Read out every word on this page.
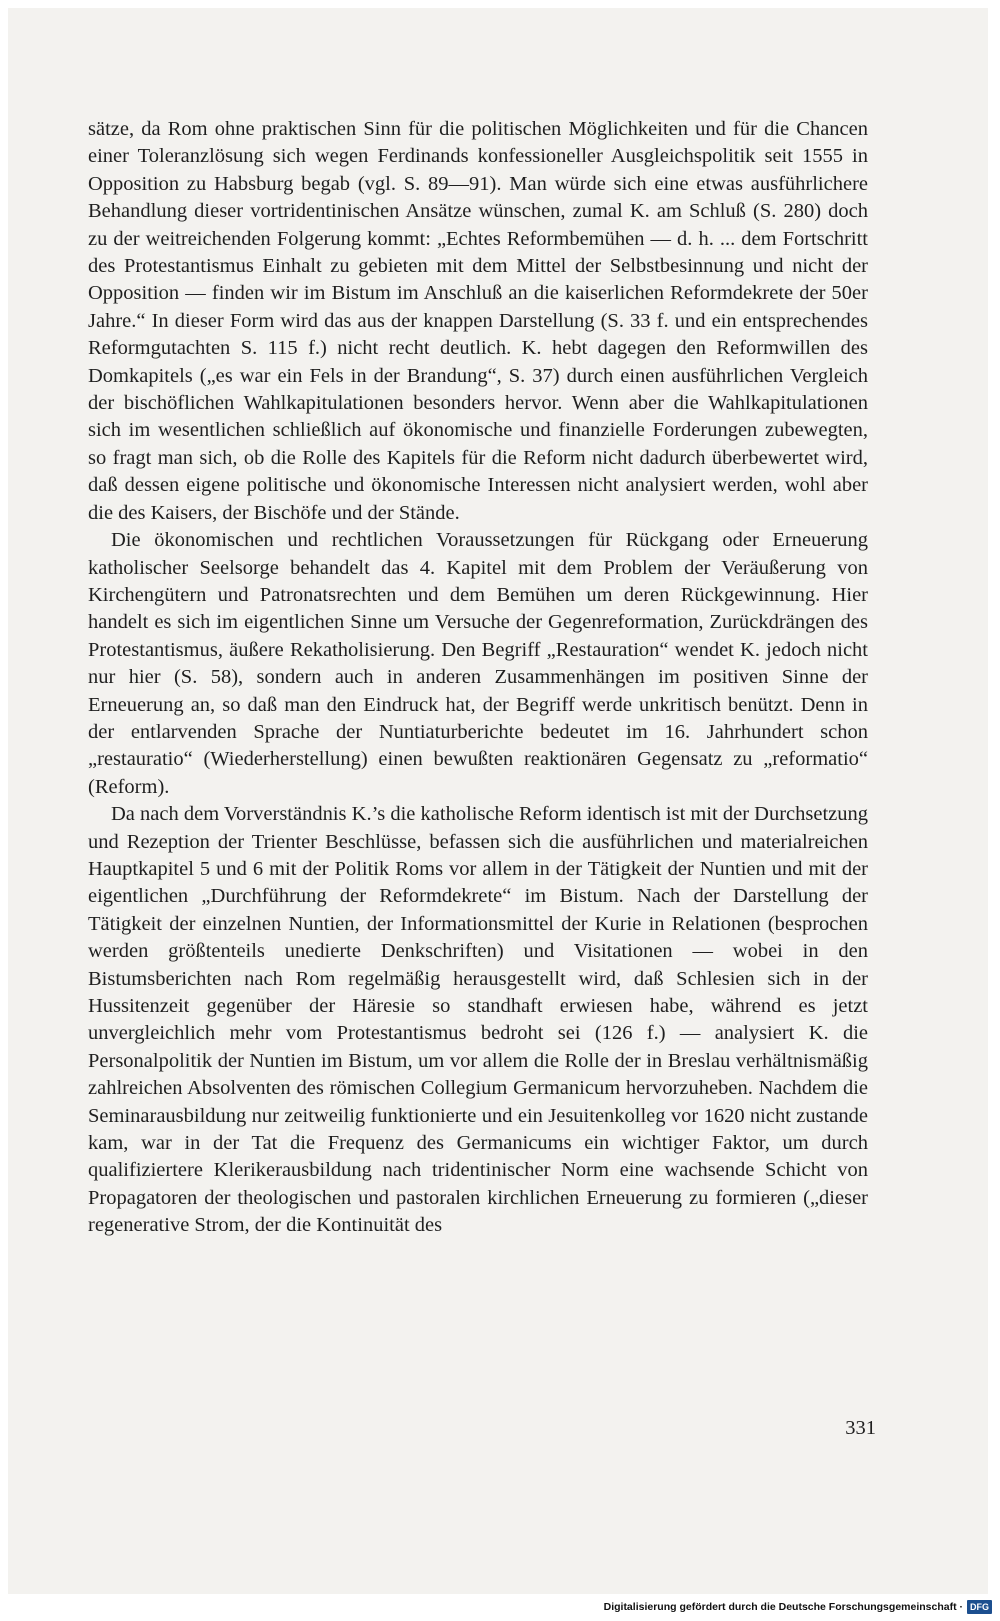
sätze, da Rom ohne praktischen Sinn für die politischen Möglichkeiten und für die Chancen einer Toleranzlösung sich wegen Ferdinands konfessioneller Ausgleichspolitik seit 1555 in Opposition zu Habsburg begab (vgl. S. 89—91). Man würde sich eine etwas ausführlichere Behandlung dieser vortridentinischen Ansätze wünschen, zumal K. am Schluß (S. 280) doch zu der weitreichenden Folgerung kommt: „Echtes Reformbemühen — d. h. ... dem Fortschritt des Protestantismus Einhalt zu gebieten mit dem Mittel der Selbstbesinnung und nicht der Opposition — finden wir im Bistum im Anschluß an die kaiserlichen Reformdekrete der 50er Jahre.“ In dieser Form wird das aus der knappen Darstellung (S. 33 f. und ein entsprechendes Reformgutachten S. 115 f.) nicht recht deutlich. K. hebt dagegen den Reformwillen des Domkapitels („es war ein Fels in der Brandung“, S. 37) durch einen ausführlichen Vergleich der bischöflichen Wahlkapitulationen besonders hervor. Wenn aber die Wahlkapitulationen sich im wesentlichen schließlich auf ökonomische und finanzielle Forderungen zubewegten, so fragt man sich, ob die Rolle des Kapitels für die Reform nicht dadurch überbewertet wird, daß dessen eigene politische und ökonomische Interessen nicht analysiert werden, wohl aber die des Kaisers, der Bischöfe und der Stände.

Die ökonomischen und rechtlichen Voraussetzungen für Rückgang oder Erneuerung katholischer Seelsorge behandelt das 4. Kapitel mit dem Problem der Veräußerung von Kirchengütern und Patronatsrechten und dem Bemühen um deren Rückgewinnung. Hier handelt es sich im eigentlichen Sinne um Versuche der Gegenreformation, Zurückdrängen des Protestantismus, äußere Rekatholisierung. Den Begriff „Restauration“ wendet K. jedoch nicht nur hier (S. 58), sondern auch in anderen Zusammenhängen im positiven Sinne der Erneuerung an, so daß man den Eindruck hat, der Begriff werde unkritisch benützt. Denn in der entlarvenden Sprache der Nuntiaturberichte bedeutet im 16. Jahrhundert schon „restauratio“ (Wiederherstellung) einen bewußten reaktionären Gegensatz zu „reformatio“ (Reform).

Da nach dem Vorverständnis K.’s die katholische Reform identisch ist mit der Durchsetzung und Rezeption der Trienter Beschlüsse, befassen sich die ausführlichen und materialreichen Hauptkapitel 5 und 6 mit der Politik Roms vor allem in der Tätigkeit der Nuntien und mit der eigentlichen „Durchführung der Reformdekrete“ im Bistum. Nach der Darstellung der Tätigkeit der einzelnen Nuntien, der Informationsmittel der Kurie in Relationen (besprochen werden größtenteils unedierte Denkschriften) und Visitationen — wobei in den Bistumsberichten nach Rom regelmäßig herausgestellt wird, daß Schlesien sich in der Hussitenzeit gegenüber der Häresie so standhaft erwiesen habe, während es jetzt unvergleichlich mehr vom Protestantismus bedroht sei (126 f.) — analysiert K. die Personalpolitik der Nuntien im Bistum, um vor allem die Rolle der in Breslau verhältnismäßig zahlreichen Absolventen des römischen Collegium Germanicum hervorzuheben. Nachdem die Seminarausbildung nur zeitweilig funktionierte und ein Jesuitenkolleg vor 1620 nicht zustande kam, war in der Tat die Frequenz des Germanicums ein wichtiger Faktor, um durch qualifiziertere Klerikerausbildung nach tridentinischer Norm eine wachsende Schicht von Propagatoren der theologischen und pastoralen kirchlichen Erneuerung zu formieren („dieser regenerative Strom, der die Kontinuität des

331
Digitalisierung gefördert durch die Deutsche Forschungsgemeinschaft · DFG
